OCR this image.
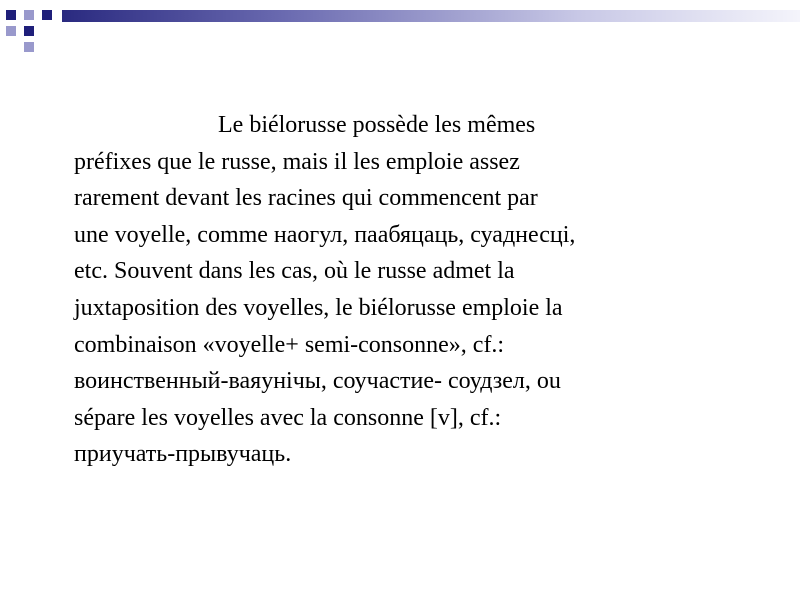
Le biélorusse possède les mêmes
préfixes que le russe, mais il les emploie assez
rarement devant les racines qui commencent par
une voyelle, comme наогул, паабяцаць, суаднесці,
etc. Souvent dans les cas, où le russe admet la
juxtaposition des voyelles, le biélorusse emploie la
combinaison «voyelle+ semi-consonne», cf.:
воинственный-ваяунiчы, соучастие- соудзел, ou
sépare les voyelles avec la consonne [v], cf.:
приучать-прывучаць.
